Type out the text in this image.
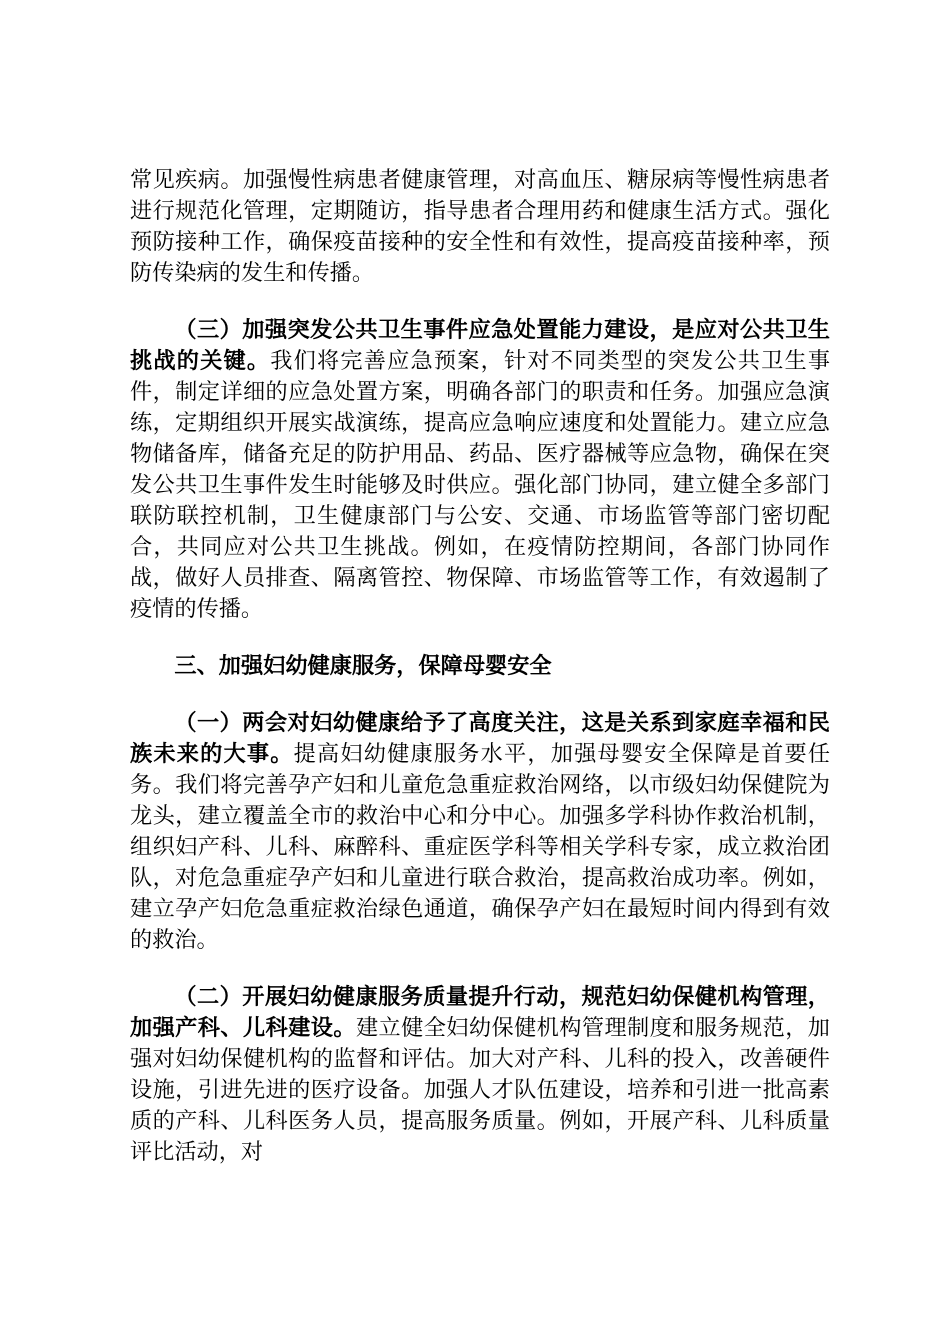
常见疾病。加强慢性病患者健康管理，对高血压、糖尿病等慢性病患者进行规范化管理，定期随访，指导患者合理用药和健康生活方式。强化预防接种工作，确保疫苗接种的安全性和有效性，提高疫苗接种率，预防传染病的发生和传播。

（三）加强突发公共卫生事件应急处置能力建设，是应对公共卫生挑战的关键。我们将完善应急预案，针对不同类型的突发公共卫生事件，制定详细的应急处置方案，明确各部门的职责和任务。加强应急演练，定期组织开展实战演练，提高应急响应速度和处置能力。建立应急物储备库，储备充足的防护用品、药品、医疗器械等应急物，确保在突发公共卫生事件发生时能够及时供应。强化部门协同，建立健全多部门联防联控机制，卫生健康部门与公安、交通、市场监管等部门密切配合，共同应对公共卫生挑战。例如，在疫情防控期间，各部门协同作战，做好人员排查、隔离管控、物保障、市场监管等工作，有效遏制了疫情的传播。

三、加强妇幼健康服务，保障母婴安全

（一）两会对妇幼健康给予了高度关注，这是关系到家庭幸福和民族未来的大事。提高妇幼健康服务水平，加强母婴安全保障是首要任务。我们将完善孕产妇和儿童危急重症救治网络，以市级妇幼保健院为龙头，建立覆盖全市的救治中心和分中心。加强多学科协作救治机制，组织妇产科、儿科、麻醉科、重症医学科等相关学科专家，成立救治团队，对危急重症孕产妇和儿童进行联合救治，提高救治成功率。例如，建立孕产妇危急重症救治绿色通道，确保孕产妇在最短时间内得到有效的救治。

（二）开展妇幼健康服务质量提升行动，规范妇幼保健机构管理，加强产科、儿科建设。建立健全妇幼保健机构管理制度和服务规范，加强对妇幼保健机构的监督和评估。加大对产科、儿科的投入，改善硬件设施，引进先进的医疗设备。加强人才队伍建设，培养和引进一批高素质的产科、儿科医务人员，提高服务质量。例如，开展产科、儿科质量评比活动，对
